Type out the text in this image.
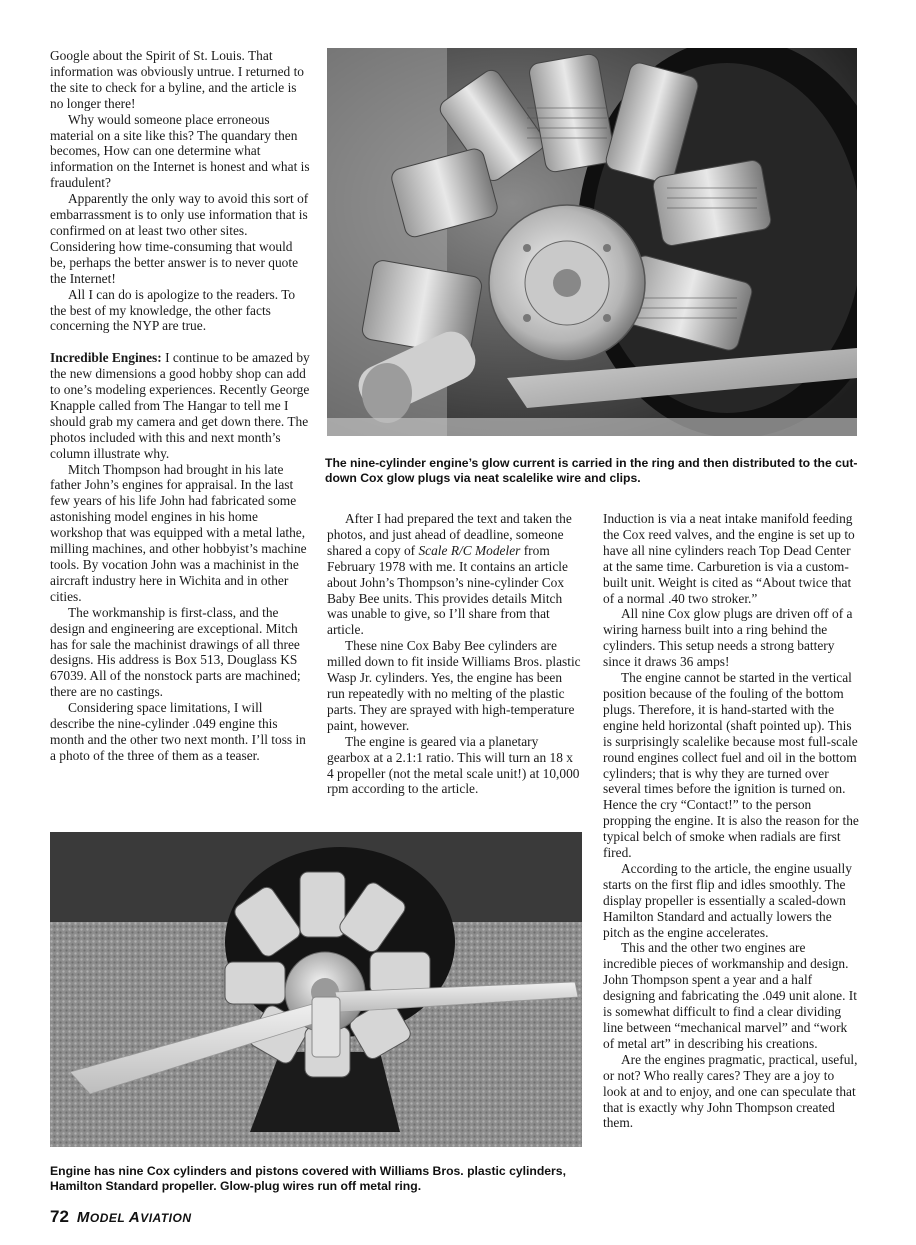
Google about the Spirit of St. Louis. That information was obviously untrue. I returned to the site to check for a byline, and the article is no longer there!

Why would someone place erroneous material on a site like this? The quandary then becomes, How can one determine what information on the Internet is honest and what is fraudulent?

Apparently the only way to avoid this sort of embarrassment is to only use information that is confirmed on at least two other sites. Considering how time-consuming that would be, perhaps the better answer is to never quote the Internet!

All I can do is apologize to the readers. To the best of my knowledge, the other facts concerning the NYP are true.

Incredible Engines: I continue to be amazed by the new dimensions a good hobby shop can add to one’s modeling experiences. Recently George Knapple called from The Hangar to tell me I should grab my camera and get down there. The photos included with this and next month’s column illustrate why.

Mitch Thompson had brought in his late father John’s engines for appraisal. In the last few years of his life John had fabricated some astonishing model engines in his home workshop that was equipped with a metal lathe, milling machines, and other hobbyist’s machine tools. By vocation John was a machinist in the aircraft industry here in Wichita and in other cities.

The workmanship is first-class, and the design and engineering are exceptional. Mitch has for sale the machinist drawings of all three designs. His address is Box 513, Douglass KS 67039. All of the nonstock parts are machined; there are no castings.

Considering space limitations, I will describe the nine-cylinder .049 engine this month and the other two next month. I’ll toss in a photo of the three of them as a teaser.

The nine-cylinder engine’s glow current is carried in the ring and then distributed to the cut-down Cox glow plugs via neat scalelike wire and clips.

After I had prepared the text and taken the photos, and just ahead of deadline, someone shared a copy of Scale R/C Modeler from February 1978 with me. It contains an article about John’s Thompson’s nine-cylinder Cox Baby Bee units. This provides details Mitch was unable to give, so I’ll share from that article.

These nine Cox Baby Bee cylinders are milled down to fit inside Williams Bros. plastic Wasp Jr. cylinders. Yes, the engine has been run repeatedly with no melting of the plastic parts. They are sprayed with high-temperature paint, however.

The engine is geared via a planetary gearbox at a 2.1:1 ratio. This will turn an 18 x 4 propeller (not the metal scale unit!) at 10,000 rpm according to the article.

Induction is via a neat intake manifold feeding the Cox reed valves, and the engine is set up to have all nine cylinders reach Top Dead Center at the same time. Carburetion is via a custom-built unit. Weight is cited as “About twice that of a normal .40 two stroker.”

All nine Cox glow plugs are driven off of a wiring harness built into a ring behind the cylinders. This setup needs a strong battery since it draws 36 amps!

The engine cannot be started in the vertical position because of the fouling of the bottom plugs. Therefore, it is hand-started with the engine held horizontal (shaft pointed up). This is surprisingly scalelike because most full-scale round engines collect fuel and oil in the bottom cylinders; that is why they are turned over several times before the ignition is turned on. Hence the cry “Contact!” to the person propping the engine. It is also the reason for the typical belch of smoke when radials are first fired.

According to the article, the engine usually starts on the first flip and idles smoothly. The display propeller is essentially a scaled-down Hamilton Standard and actually lowers the pitch as the engine accelerates.

This and the other two engines are incredible pieces of workmanship and design. John Thompson spent a year and a half designing and fabricating the .049 unit alone. It is somewhat difficult to find a clear dividing line between “mechanical marvel” and “work of metal art” in describing his creations.

Are the engines pragmatic, practical, useful, or not? Who really cares? They are a joy to look at and to enjoy, and one can speculate that that is exactly why John Thompson created them.

Engine has nine Cox cylinders and pistons covered with Williams Bros. plastic cylinders, Hamilton Standard propeller. Glow-plug wires run off metal ring.
72 MODEL AVIATION
